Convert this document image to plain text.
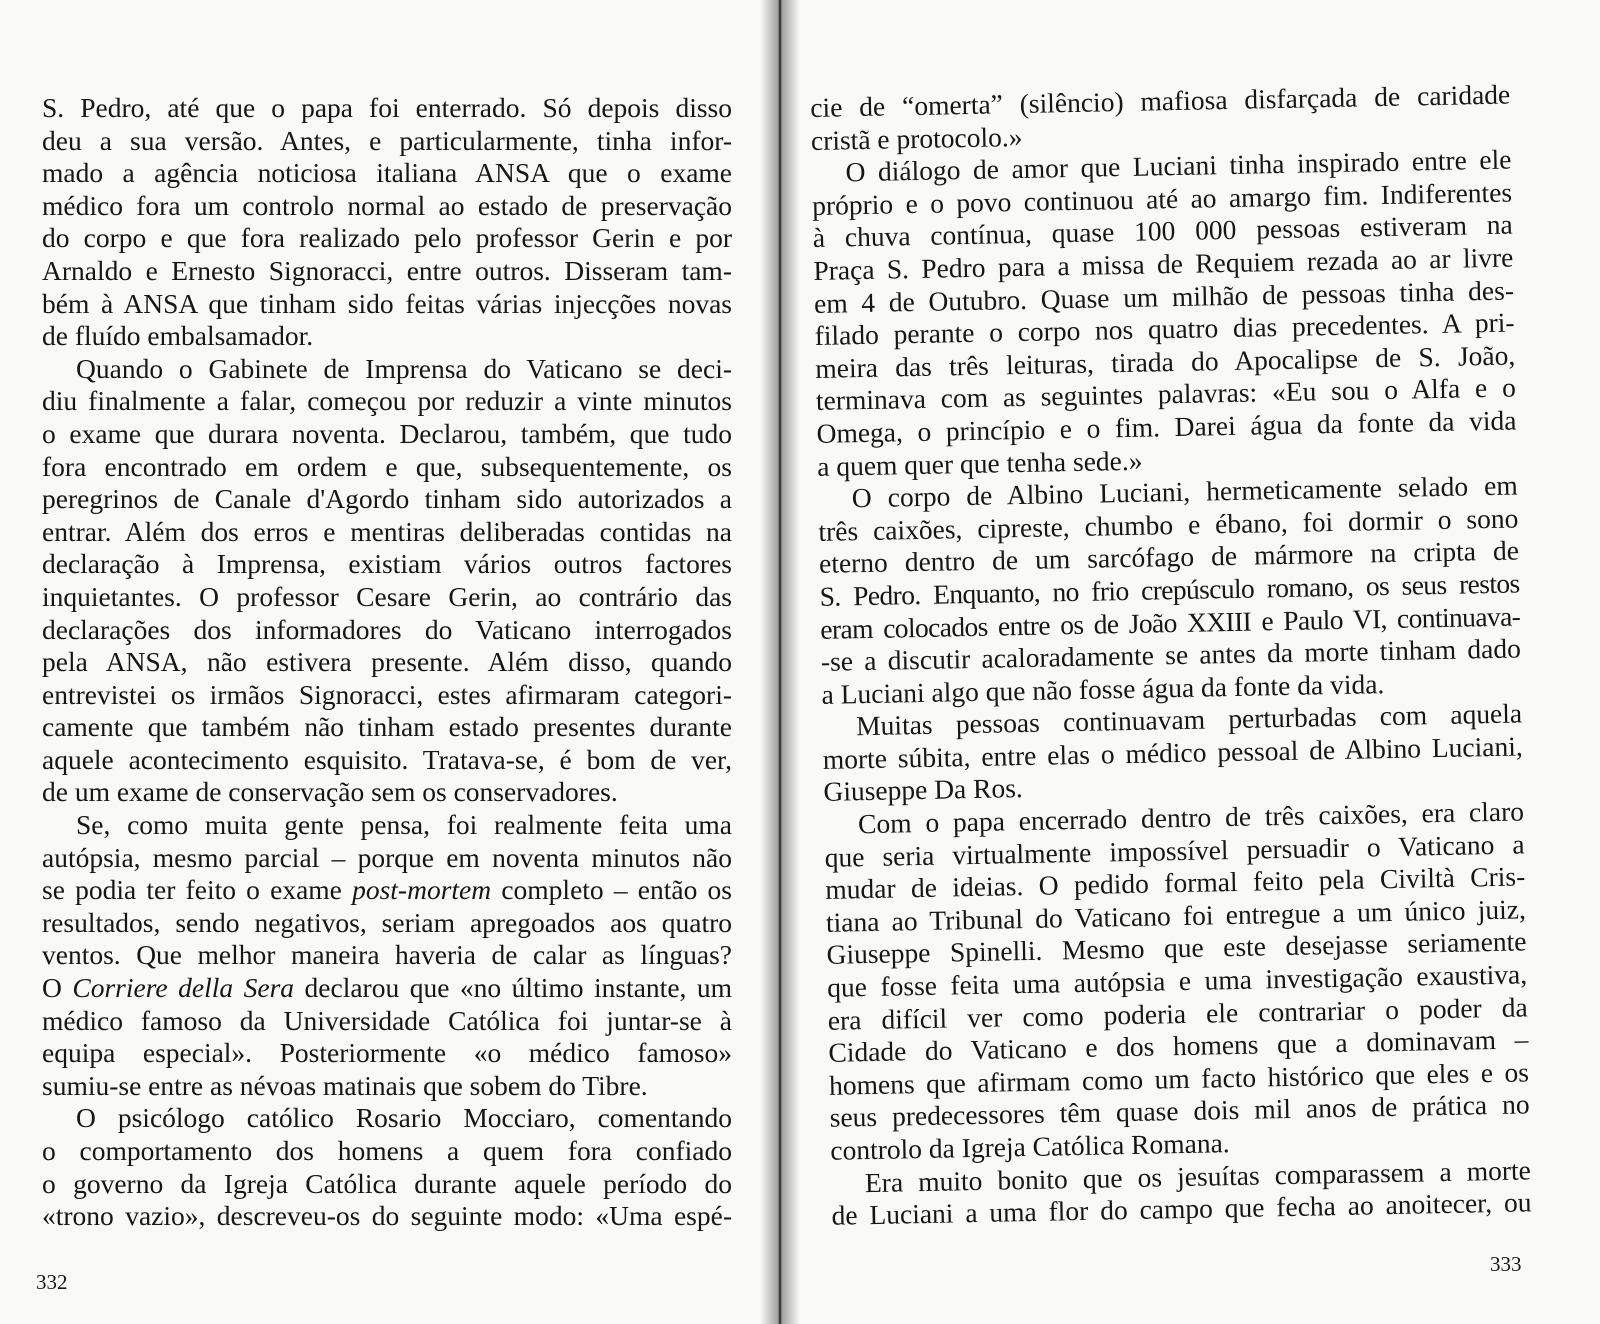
S. Pedro, até que o papa foi enterrado. Só depois disso
deu a sua versão. Antes, e particularmente, tinha infor-
mado a agência noticiosa italiana ANSA que o exame
médico fora um controlo normal ao estado de preservação
do corpo e que fora realizado pelo professor Gerin e por
Arnaldo e Ernesto Signoracci, entre outros. Disseram tam-
bém à ANSA que tinham sido feitas várias injecções novas
de fluído embalsamador.
Quando o Gabinete de Imprensa do Vaticano se deci-
diu finalmente a falar, começou por reduzir a vinte minutos
o exame que durara noventa. Declarou, também, que tudo
fora encontrado em ordem e que, subsequentemente, os
peregrinos de Canale d'Agordo tinham sido autorizados a
entrar. Além dos erros e mentiras deliberadas contidas na
declaração à Imprensa, existiam vários outros factores
inquietantes. O professor Cesare Gerin, ao contrário das
declarações dos informadores do Vaticano interrogados
pela ANSA, não estivera presente. Além disso, quando
entrevistei os irmãos Signoracci, estes afirmaram categori-
camente que também não tinham estado presentes durante
aquele acontecimento esquisito. Tratava-se, é bom de ver,
de um exame de conservação sem os conservadores.
Se, como muita gente pensa, foi realmente feita uma
autópsia, mesmo parcial – porque em noventa minutos não
se podia ter feito o exame post-mortem completo – então os
resultados, sendo negativos, seriam apregoados aos quatro
ventos. Que melhor maneira haveria de calar as línguas?
O Corriere della Sera declarou que «no último instante, um
médico famoso da Universidade Católica foi juntar-se à
equipa especial». Posteriormente «o médico famoso»
sumiu-se entre as névoas matinais que sobem do Tibre.
O psicólogo católico Rosario Mocciaro, comentando
o comportamento dos homens a quem fora confiado
o governo da Igreja Católica durante aquele período do
«trono vazio», descreveu-os do seguinte modo: «Uma espé-
332
cie de “omerta” (silêncio) mafiosa disfarçada de caridade
cristã e protocolo.»
O diálogo de amor que Luciani tinha inspirado entre ele
próprio e o povo continuou até ao amargo fim. Indiferentes
à chuva contínua, quase 100 000 pessoas estiveram na
Praça S. Pedro para a missa de Requiem rezada ao ar livre
em 4 de Outubro. Quase um milhão de pessoas tinha des-
filado perante o corpo nos quatro dias precedentes. A pri-
meira das três leituras, tirada do Apocalipse de S. João,
terminava com as seguintes palavras: «Eu sou o Alfa e o
Omega, o princípio e o fim. Darei água da fonte da vida
a quem quer que tenha sede.»
O corpo de Albino Luciani, hermeticamente selado em
três caixões, cipreste, chumbo e ébano, foi dormir o sono
eterno dentro de um sarcófago de mármore na cripta de
S. Pedro. Enquanto, no frio crepúsculo romano, os seus restos
eram colocados entre os de João XXIII e Paulo VI, continuava-
-se a discutir acaloradamente se antes da morte tinham dado
a Luciani algo que não fosse água da fonte da vida.
Muitas pessoas continuavam perturbadas com aquela
morte súbita, entre elas o médico pessoal de Albino Luciani,
Giuseppe Da Ros.
Com o papa encerrado dentro de três caixões, era claro
que seria virtualmente impossível persuadir o Vaticano a
mudar de ideias. O pedido formal feito pela Civiltà Cris-
tiana ao Tribunal do Vaticano foi entregue a um único juiz,
Giuseppe Spinelli. Mesmo que este desejasse seriamente
que fosse feita uma autópsia e uma investigação exaustiva,
era difícil ver como poderia ele contrariar o poder da
Cidade do Vaticano e dos homens que a dominavam –
homens que afirmam como um facto histórico que eles e os
seus predecessores têm quase dois mil anos de prática no
controlo da Igreja Católica Romana.
Era muito bonito que os jesuítas comparassem a morte
de Luciani a uma flor do campo que fecha ao anoitecer, ou
333
